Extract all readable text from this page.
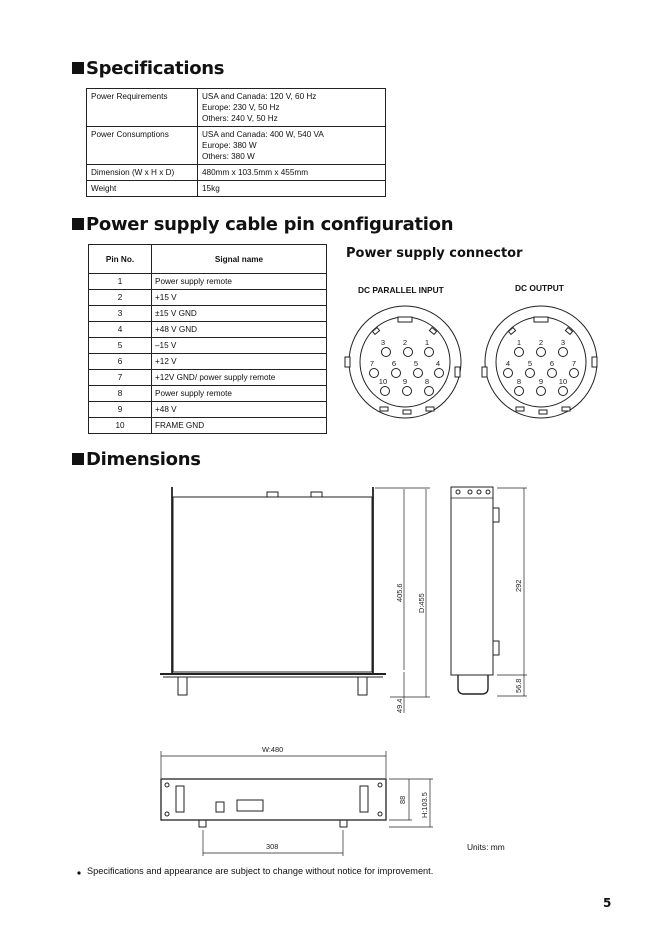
Specifications
Power supply cable pin configuration
Dimensions
Power Requirements	USA and Canada: 120 V, 60 Hz
Europe: 230 V, 50 Hz
Others: 240 V, 50 Hz

Power Consumptions	USA and Canada: 400 W, 540 VA
Europe: 380 W
Others: 380 W

Dimension (W x H x D)	480mm x 103.5mm x 455mm

Weight	15kg
Pin No.	Signal name
1	Power supply remote
2	+15 V
3	±15 V GND
4	+48 V GND
5	–15 V
6	+12 V
7	+12V GND/ power supply remote
8	Power supply remote
9	+48 V
10	FRAME GND
Power supply connector
DC PARALLEL INPUT	DC OUTPUT
3 2 1
7 6 5 4
10 9 8
1 2 3
4 5 6 7
8 9 10
405.6
D:455
49.4
292
56.8
W:480
88 H:103.5
308	Units: mm
Specifications and appearance are subject to change without notice for improvement.
5
